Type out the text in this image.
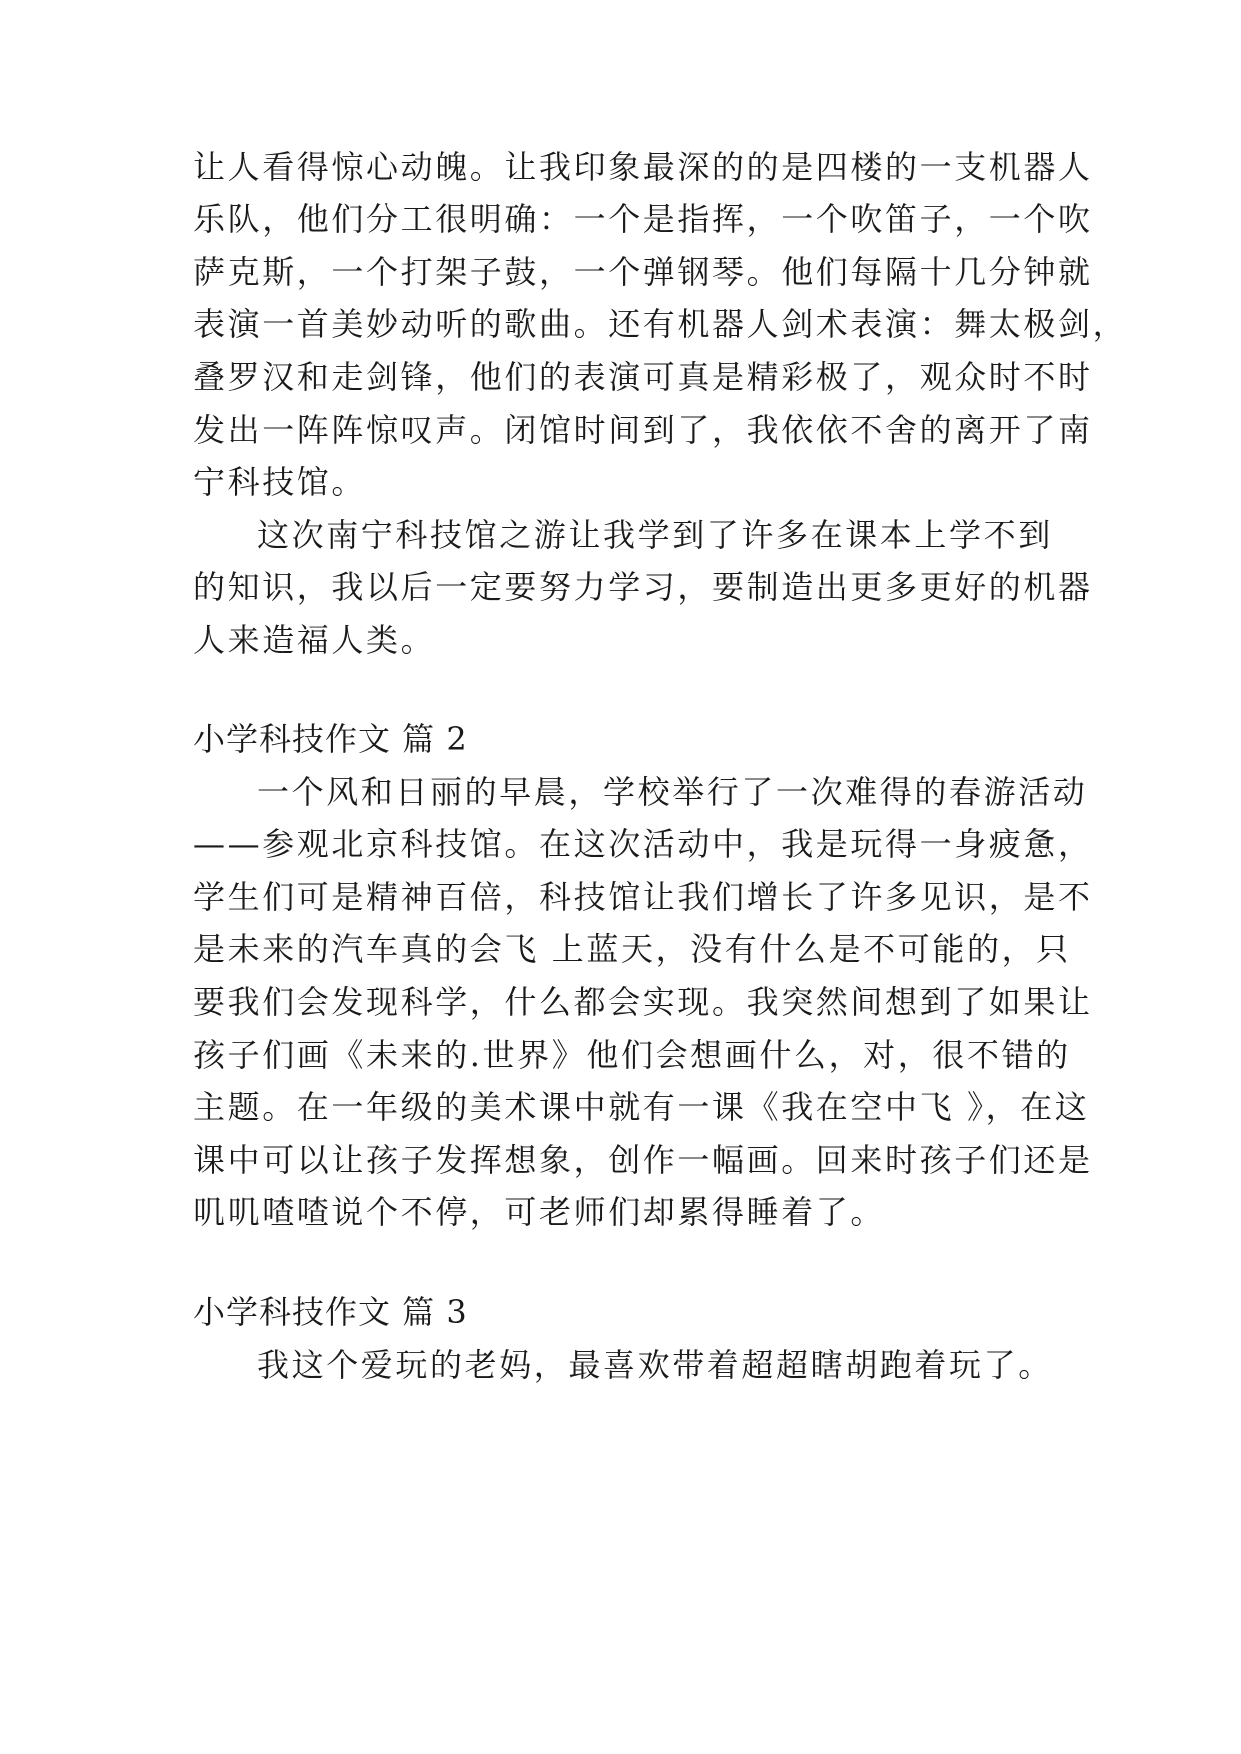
让人看得惊心动魄。让我印象最深的的是四楼的一支机器人
乐队，他们分工很明确：一个是指挥，一个吹笛子，一个吹
萨克斯，一个打架子鼓，一个弹钢琴。他们每隔十几分钟就
表演一首美妙动听的歌曲。还有机器人剑术表演：舞太极剑，
叠罗汉和走剑锋，他们的表演可真是精彩极了，观众时不时
发出一阵阵惊叹声。闭馆时间到了，我依依不舍的离开了南
宁科技馆。
这次南宁科技馆之游让我学到了许多在课本上学不到
的知识，我以后一定要努力学习，要制造出更多更好的机器
人来造福人类。
小学科技作文 篇 2
一个风和日丽的早晨，学校举行了一次难得的春游活动
——参观北京科技馆。在这次活动中，我是玩得一身疲惫，
学生们可是精神百倍，科技馆让我们增长了许多见识，是不
是未来的汽车真的会飞 上蓝天，没有什么是不可能的，只
要我们会发现科学，什么都会实现。我突然间想到了如果让
孩子们画《未来的.世界》他们会想画什么，对，很不错的
主题。在一年级的美术课中就有一课《我在空中飞 》，在这
课中可以让孩子发挥想象，创作一幅画。回来时孩子们还是
叽叽喳喳说个不停，可老师们却累得睡着了。
小学科技作文 篇 3
我这个爱玩的老妈，最喜欢带着超超瞎胡跑着玩了。
